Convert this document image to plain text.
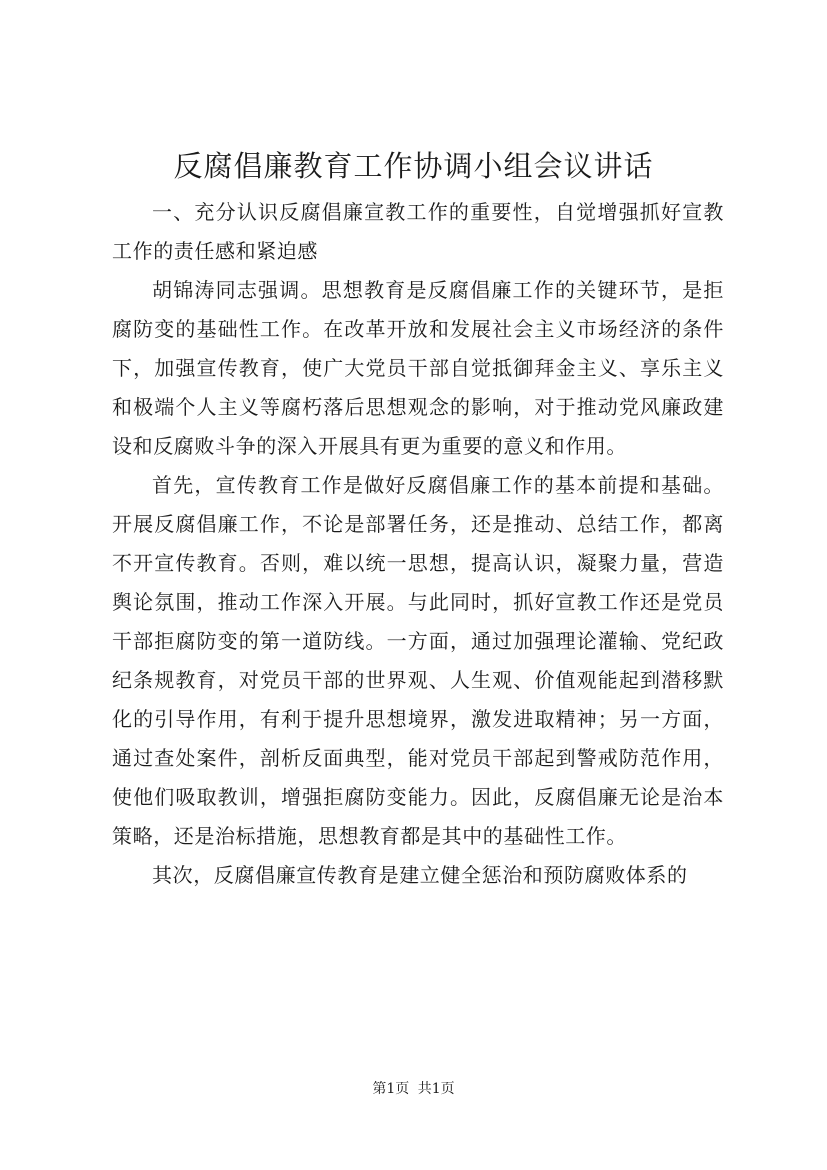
反腐倡廉教育工作协调小组会议讲话

一、充分认识反腐倡廉宣教工作的重要性，自觉增强抓好宣教工作的责任感和紧迫感

胡锦涛同志强调。思想教育是反腐倡廉工作的关键环节，是拒腐防变的基础性工作。在改革开放和发展社会主义市场经济的条件下，加强宣传教育，使广大党员干部自觉抵御拜金主义、享乐主义和极端个人主义等腐朽落后思想观念的影响，对于推动党风廉政建设和反腐败斗争的深入开展具有更为重要的意义和作用。

首先，宣传教育工作是做好反腐倡廉工作的基本前提和基础。开展反腐倡廉工作，不论是部署任务，还是推动、总结工作，都离不开宣传教育。否则，难以统一思想，提高认识，凝聚力量，营造舆论氛围，推动工作深入开展。与此同时，抓好宣教工作还是党员干部拒腐防变的第一道防线。一方面，通过加强理论灌输、党纪政纪条规教育，对党员干部的世界观、人生观、价值观能起到潜移默化的引导作用，有利于提升思想境界，激发进取精神；另一方面，通过查处案件，剖析反面典型，能对党员干部起到警戒防范作用，使他们吸取教训，增强拒腐防变能力。因此，反腐倡廉无论是治本策略，还是治标措施，思想教育都是其中的基础性工作。

其次，反腐倡廉宣传教育是建立健全惩治和预防腐败体系的

第1页 共1页
